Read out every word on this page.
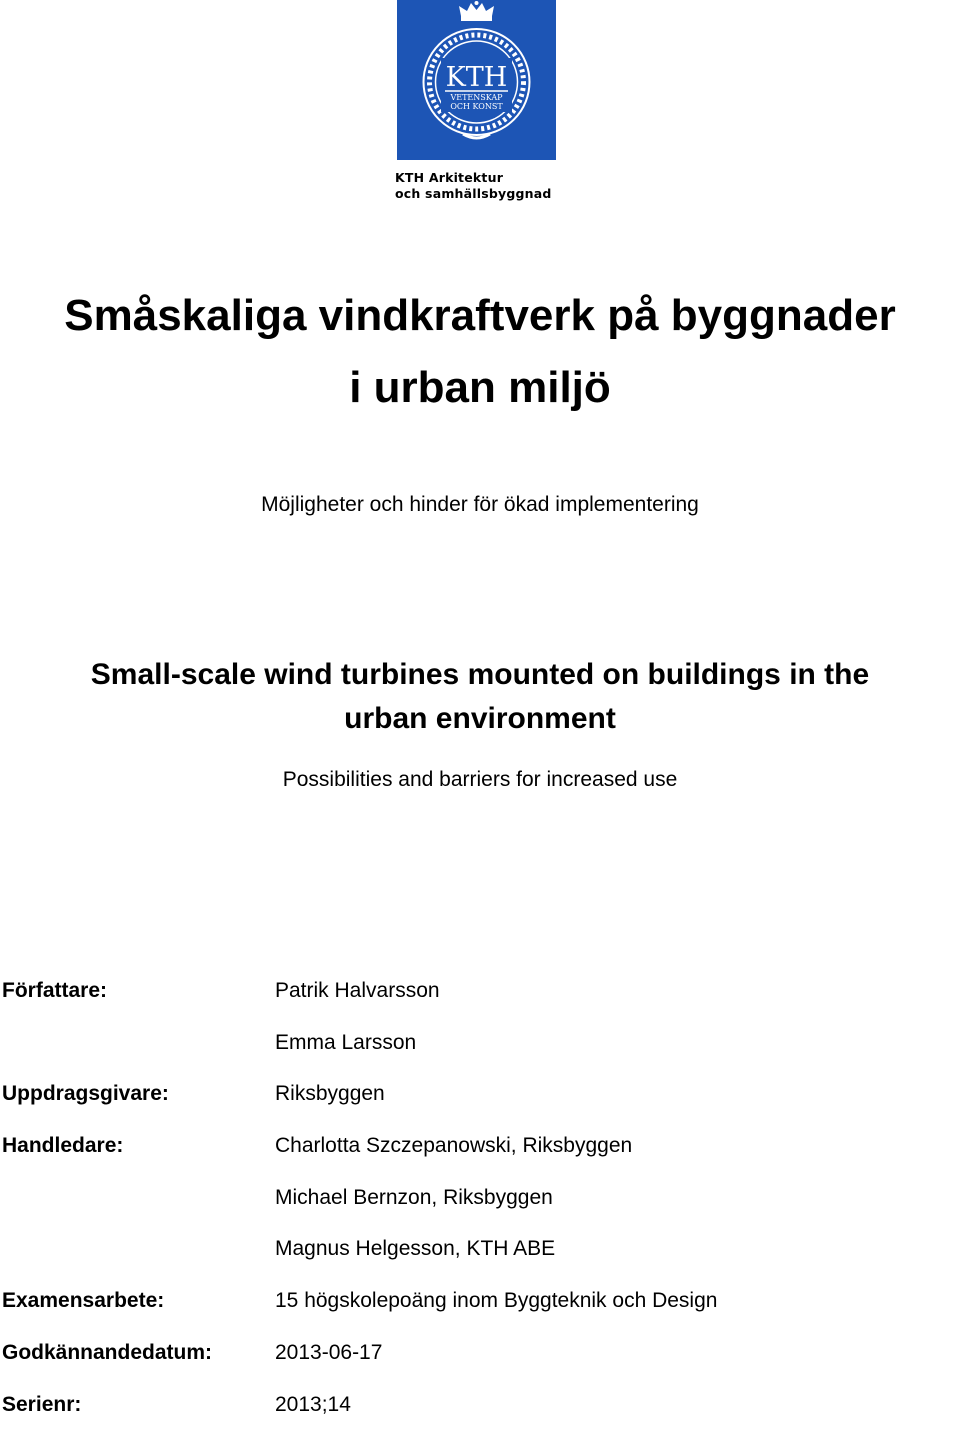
KTH
VETENSKAP
OCH KONST
KTH Arkitektur
och samhällsbyggnad
Småskaliga vindkraftverk på byggnader
i urban miljö
Möjligheter och hinder för ökad implementering
Small-scale wind turbines mounted on buildings in the
urban environment
Possibilities and barriers for increased use
Författare:	Patrik Halvarsson
Emma Larsson
Uppdragsgivare:	Riksbyggen
Handledare:	Charlotta Szczepanowski, Riksbyggen
Michael Bernzon, Riksbyggen
Magnus Helgesson, KTH ABE
Examensarbete:	15 högskolepoäng inom Byggteknik och Design
Godkännandedatum:	2013-06-17
Serienr:	2013;14
